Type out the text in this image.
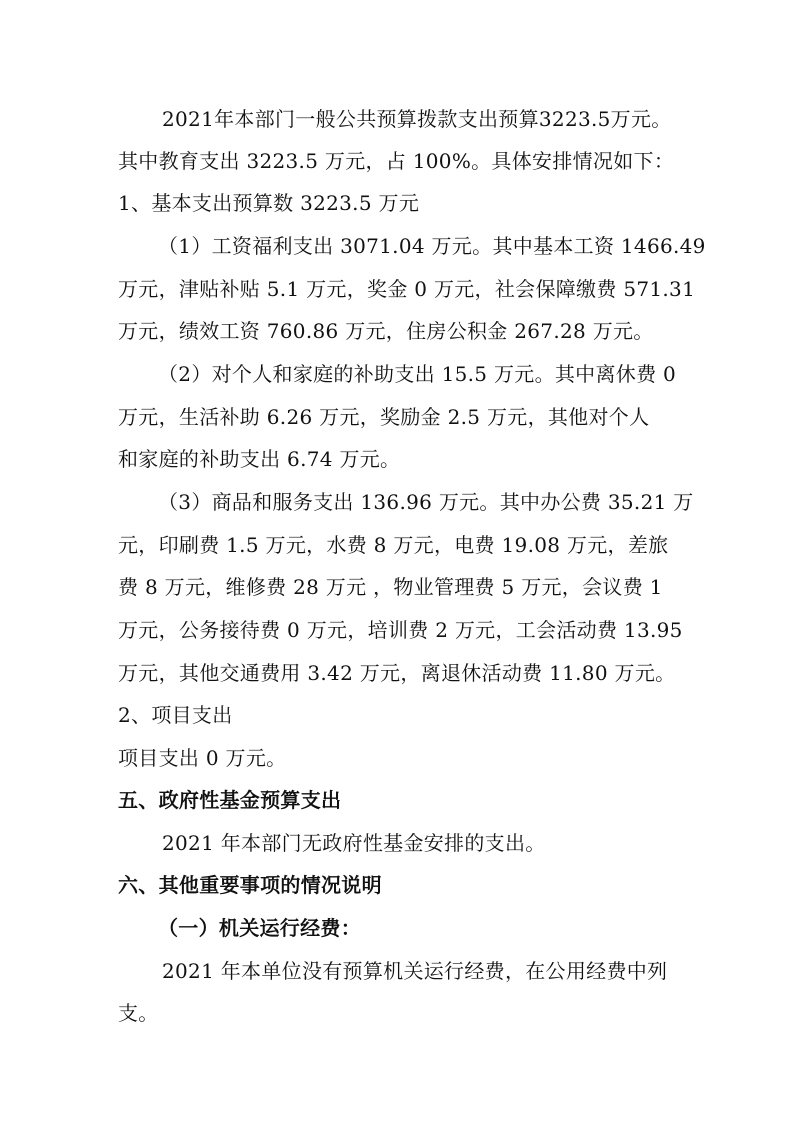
2021年本部门一般公共预算拨款支出预算3223.5万元。
其中教育支出 3223.5 万元，占 100%。具体安排情况如下：
1、基本支出预算数 3223.5 万元
（1）工资福利支出 3071.04 万元。其中基本工资 1466.49
万元，津贴补贴 5.1 万元，奖金 0 万元，社会保障缴费 571.31
万元，绩效工资 760.86 万元，住房公积金 267.28 万元。
（2）对个人和家庭的补助支出 15.5 万元。其中离休费 0
万元，生活补助 6.26 万元，奖励金 2.5 万元，其他对个人
和家庭的补助支出 6.74 万元。
（3）商品和服务支出 136.96 万元。其中办公费 35.21 万
元，印刷费 1.5 万元，水费 8 万元，电费 19.08 万元，差旅
费 8 万元，维修费 28 万元 ，物业管理费 5 万元，会议费 1
万元，公务接待费 0 万元，培训费 2 万元，工会活动费 13.95
万元，其他交通费用 3.42 万元，离退休活动费 11.80 万元。
2、项目支出
项目支出 0 万元。
五、政府性基金预算支出
2021 年本部门无政府性基金安排的支出。
六、其他重要事项的情况说明
（一）机关运行经费：
2021 年本单位没有预算机关运行经费，在公用经费中列
支。
